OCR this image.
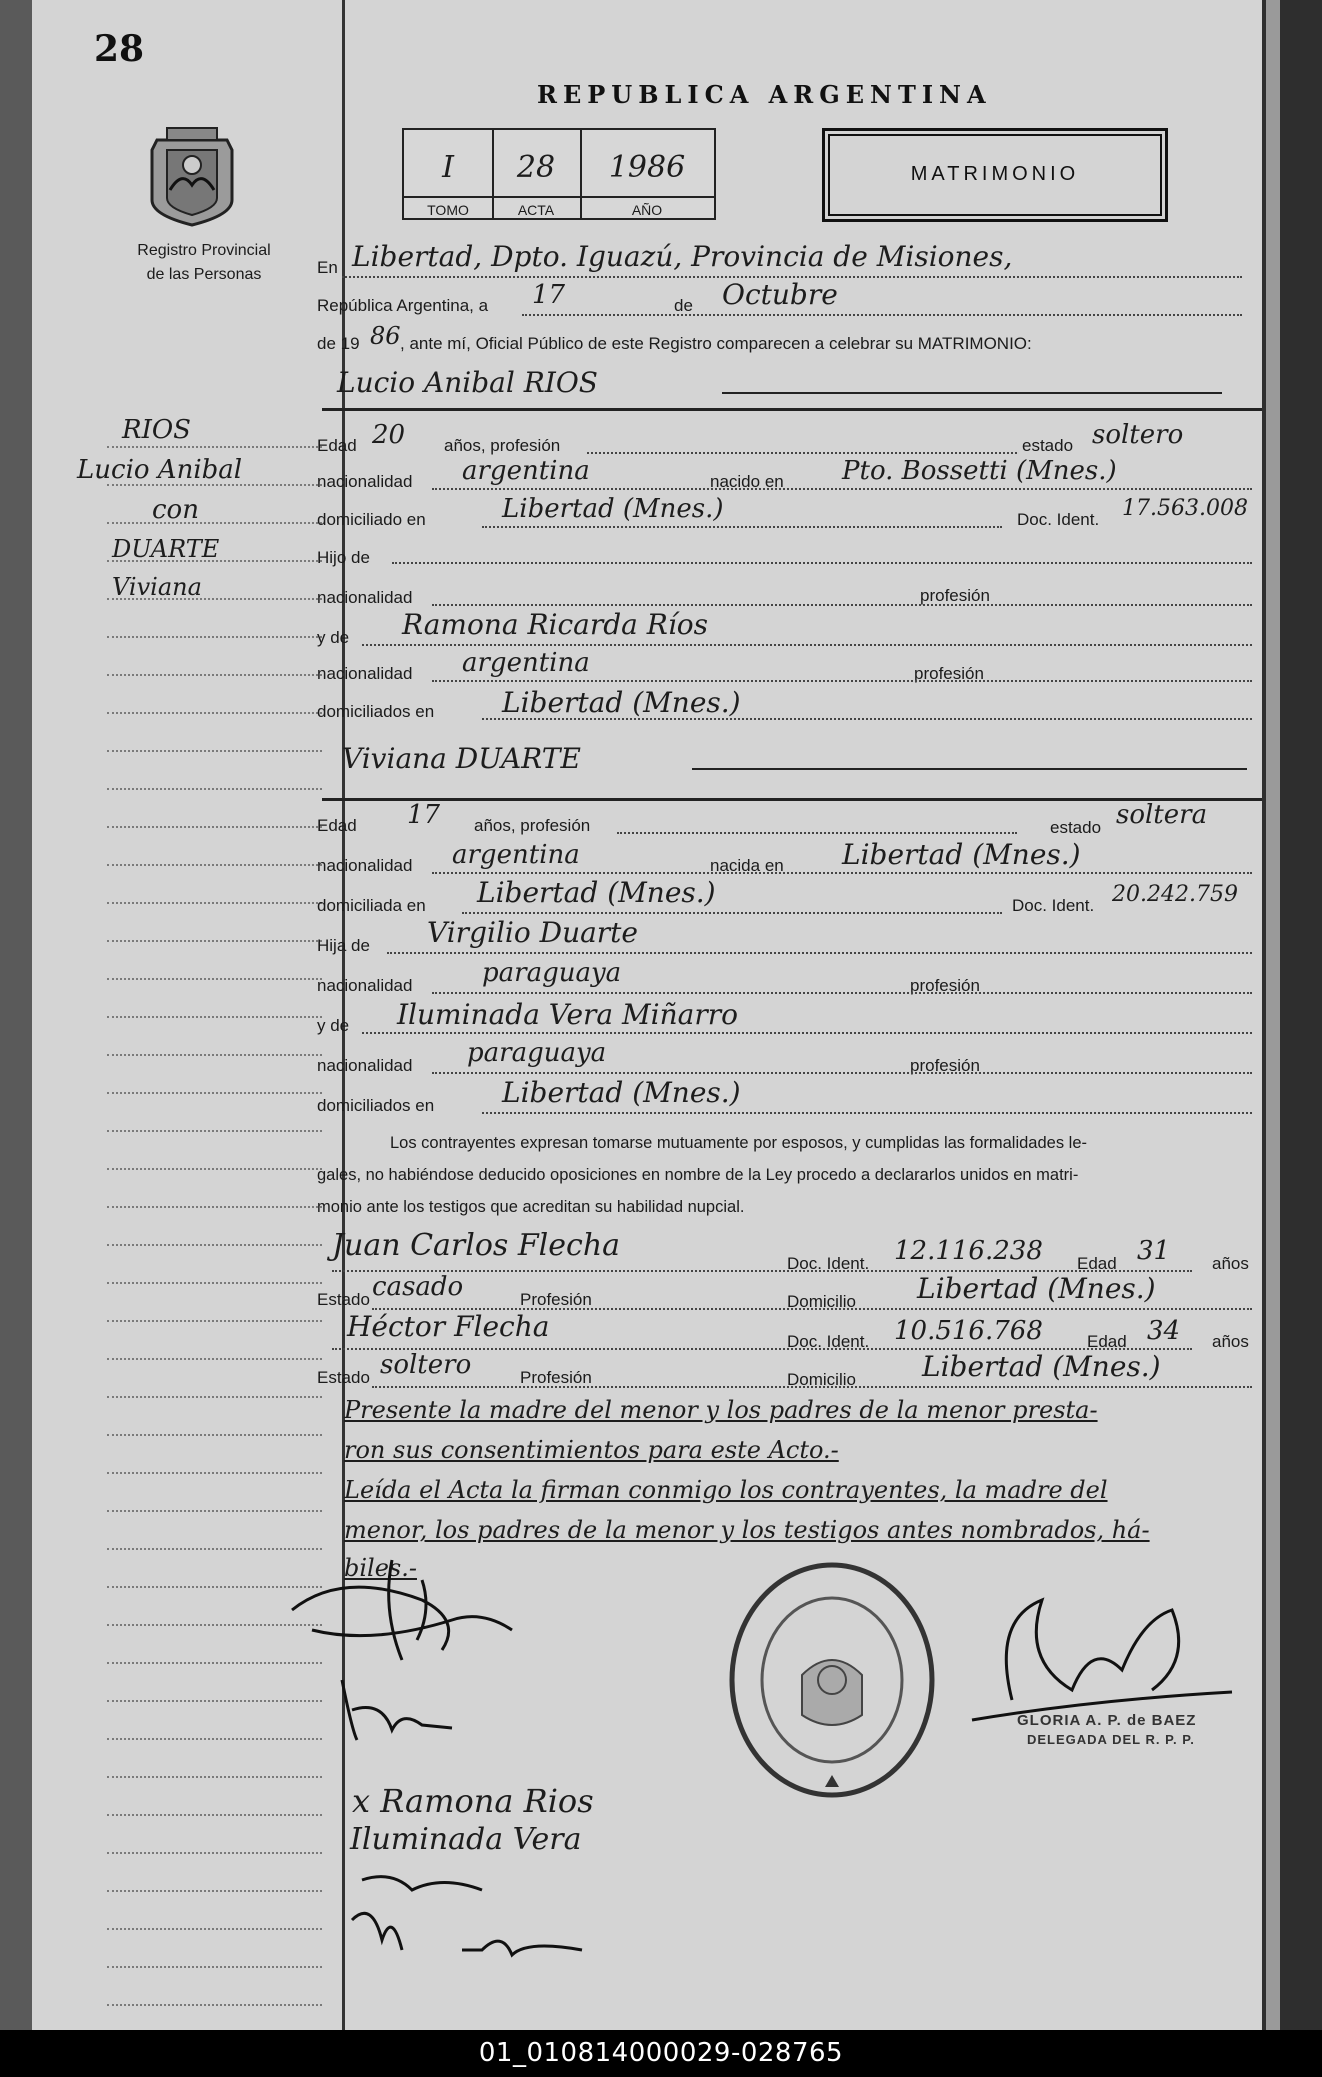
28
Registro Provincial
de las Personas
RIOS
Lucio Anibal
con
DUARTE
Viviana
REPUBLICA ARGENTINA
I
TOMO
28
ACTA
1986
AÑO
MATRIMONIO
En Libertad, Dpto. Iguazú, Provincia de Misiones,
República Argentina, a 17	de Octubre
de 19 86 , ante mí, Oficial Público de este Registro comparecen a celebrar su MATRIMONIO:
Lucio Anibal RIOS
Edad 20 años, profesión	estado soltero
nacionalidad argentina	nacido en Pto. Bossetti (Mnes.)
domiciliado en	Libertad (Mnes.)	Doc. Ident. 17.563.008
Hijo de
nacionalidad	profesión
y de Ramona Ricarda Ríos
nacionalidad argentina	profesión
domiciliados en Libertad (Mnes.)
Viviana DUARTE
Edad 17 años, profesión	estado soltera
nacionalidad argentina	nacida en Libertad (Mnes.)
domiciliada en Libertad (Mnes.)	Doc. Ident. 20.242.759
Hija de Virgilio Duarte
nacionalidad	paraguaya	profesión
y de Iluminada Vera Miñarro
nacionalidad paraguaya	profesión
domiciliados en Libertad (Mnes.)
Los contrayentes expresan tomarse mutuamente por esposos, y cumplidas las formalidades le-
gales, no habiéndose deducido oposiciones en nombre de la Ley procedo a declararlos unidos en matri-
monio ante los testigos que acreditan su habilidad nupcial.
Juan Carlos Flecha
Doc. Ident. 12.116.238 Edad 31 años
Estado casado	Profesión	Domicilio Libertad (Mnes.)
Héctor Flecha	Doc. Ident. 10.516.768	Edad 34 años
Estado soltero	Profesión	Domicilio Libertad (Mnes.)
Presente la madre del menor y los padres de la menor presta-
ron sus consentimientos para este Acto.-
Leída el Acta la firman conmigo los contrayentes, la madre del
menor, los padres de la menor y los testigos antes nombrados, há-
biles.-
GLORIA A. P. de BAEZ
DELEGADA DEL R. P. P.
x Ramona Rios
Iluminada Vera
01_010814000029-028765
